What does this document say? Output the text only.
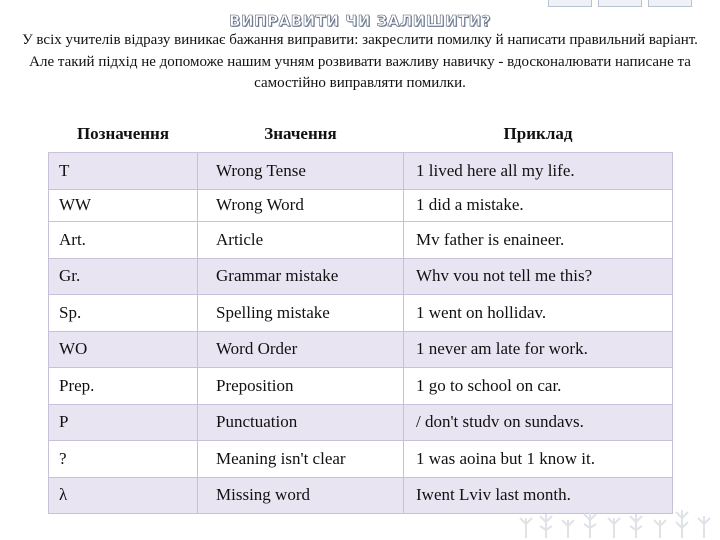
ВИПРАВИТИ ЧИ ЗАЛИШИТИ?
У всіх учителів відразу виникає бажання виправити: закреслити помилку й написати правильний варіант. Але такий підхід не допоможе нашим учням розвивати важливу навичку - вдосконалювати написане та самостійно виправляти помилки.
Позначення	Значення	Приклад
T	Wrong Tense	1 lived here all my life.
WW	Wrong Word	1 did a mistake.
Art.	Article	Mv father is enaineer.
Gr.	Grammar mistake	Whv vou not tell me this?
Sp.	Spelling mistake	1 went on hollidav.
WO	Word Order	1 never am late for work.
Prep.	Preposition	1 go to school on car.
P	Punctuation	/ don't studv on sundavs.
?	Meaning isn't clear	1 was aoina but 1 know it.
λ	Missing word	Iwent Lviv last month.
